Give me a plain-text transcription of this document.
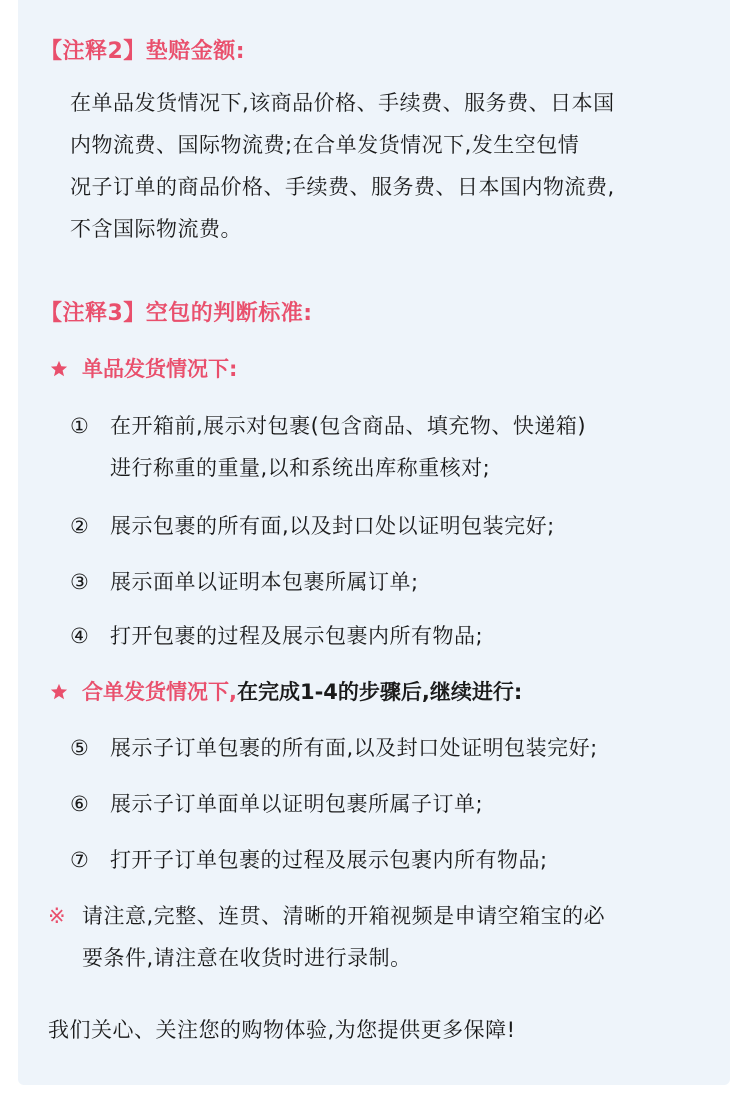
【注释2】垫赔金额:
在单品发货情况下,该商品价格、手续费、服务费、日本国
内物流费、国际物流费;在合单发货情况下,发生空包情
况子订单的商品价格、手续费、服务费、日本国内物流费,
不含国际物流费。
【注释3】空包的判断标准:
单品发货情况下:
① 在开箱前,展示对包裹(包含商品、填充物、快递箱)
进行称重的重量,以和系统出库称重核对;
② 展示包裹的所有面,以及封口处以证明包装完好;
③ 展示面单以证明本包裹所属订单;
④ 打开包裹的过程及展示包裹内所有物品;
合单发货情况下,在完成1-4的步骤后,继续进行:
⑤ 展示子订单包裹的所有面,以及封口处证明包装完好;
⑥ 展示子订单面单以证明包裹所属子订单;
⑦ 打开子订单包裹的过程及展示包裹内所有物品;
※ 请注意,完整、连贯、清晰的开箱视频是申请空箱宝的必
要条件,请注意在收货时进行录制。
我们关心、关注您的购物体验,为您提供更多保障!
